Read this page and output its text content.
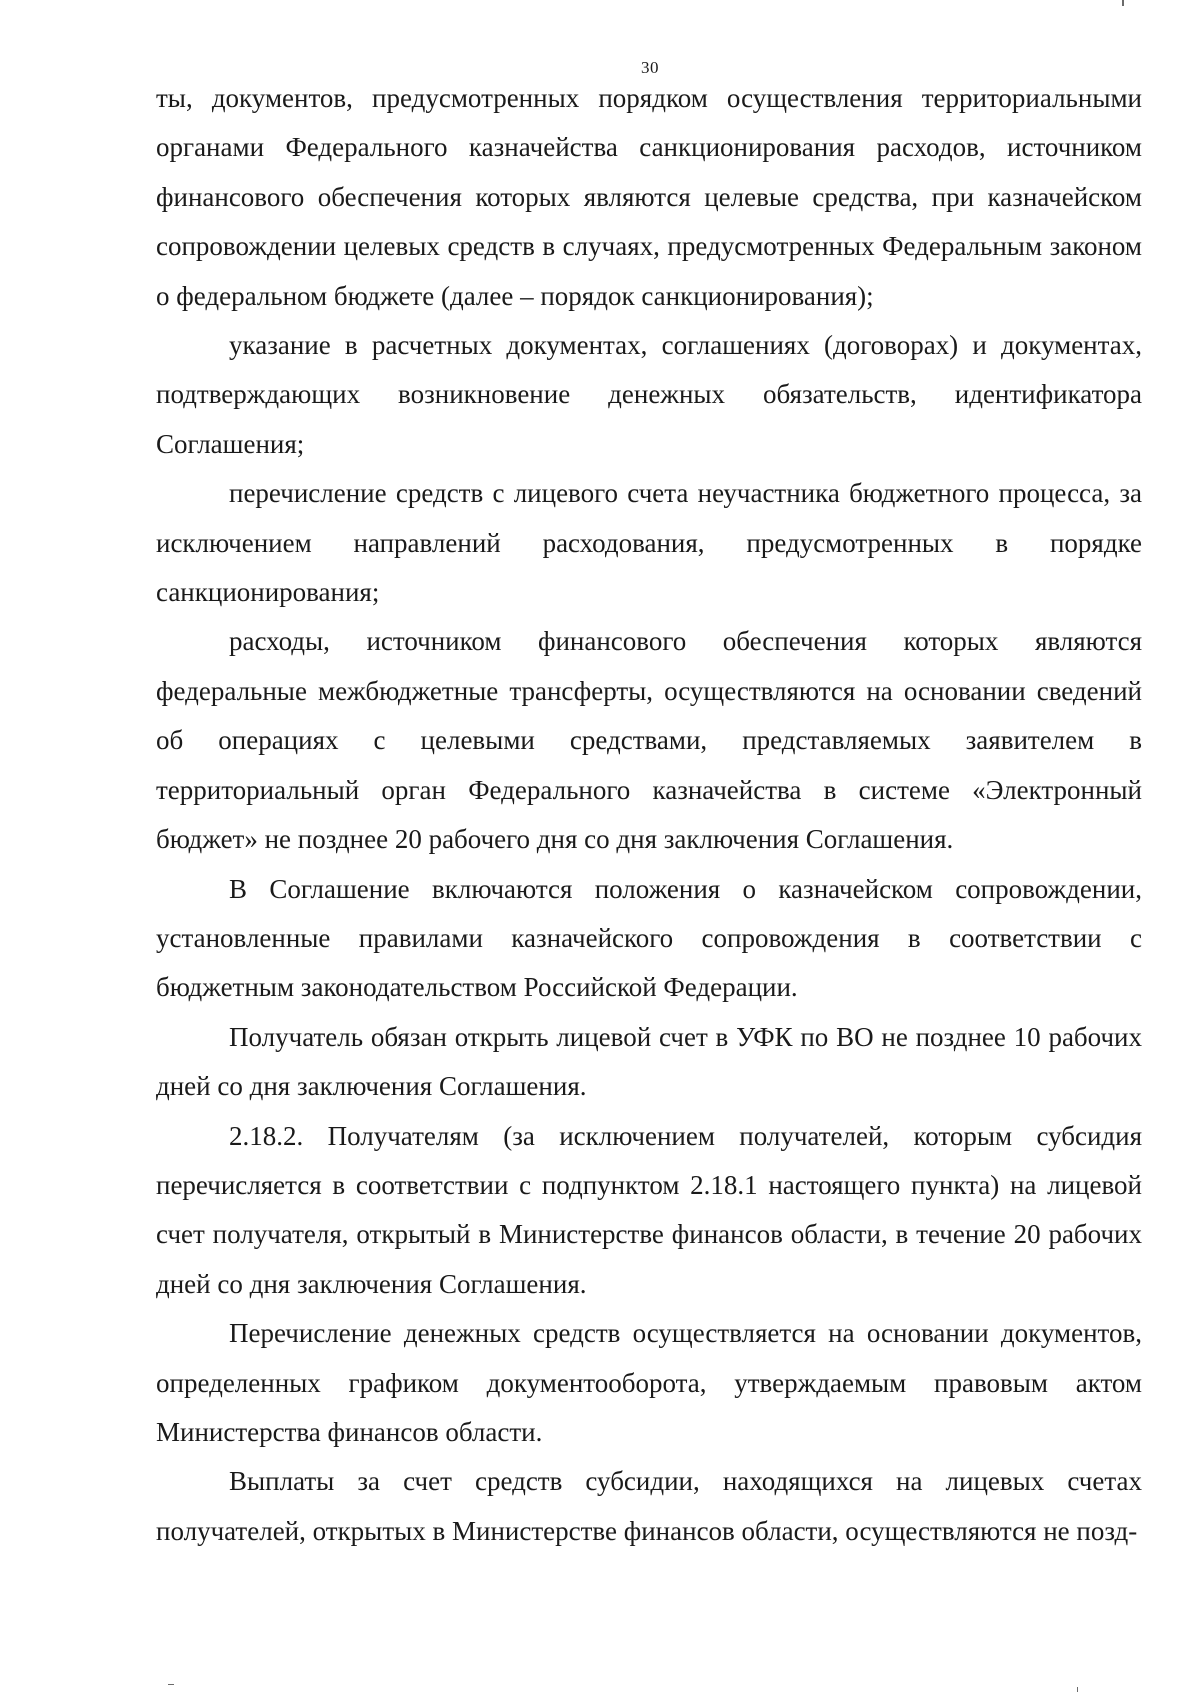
30

ты, документов, предусмотренных порядком осуществления территориальными органами Федерального казначейства санкционирования расходов, источником финансового обеспечения которых являются целевые средства, при казначейском сопровождении целевых средств в случаях, предусмотренных Федеральным законом о федеральном бюджете (далее – порядок санкционирования);

указание в расчетных документах, соглашениях (договорах) и документах, подтверждающих возникновение денежных обязательств, идентификатора Соглашения;

перечисление средств с лицевого счета неучастника бюджетного процесса, за исключением направлений расходования, предусмотренных в порядке санкционирования;

расходы, источником финансового обеспечения которых являются федеральные межбюджетные трансферты, осуществляются на основании сведений об операциях с целевыми средствами, представляемых заявителем в территориальный орган Федерального казначейства в системе «Электронный бюджет» не позднее 20 рабочего дня со дня заключения Соглашения.

В Соглашение включаются положения о казначейском сопровождении, установленные правилами казначейского сопровождения в соответствии с бюджетным законодательством Российской Федерации.

Получатель обязан открыть лицевой счет в УФК по ВО не позднее 10 рабочих дней со дня заключения Соглашения.

2.18.2. Получателям (за исключением получателей, которым субсидия перечисляется в соответствии с подпунктом 2.18.1 настоящего пункта) на лицевой счет получателя, открытый в Министерстве финансов области, в течение 20 рабочих дней со дня заключения Соглашения.

Перечисление денежных средств осуществляется на основании документов, определенных графиком документооборота, утверждаемым правовым актом Министерства финансов области.

Выплаты за счет средств субсидии, находящихся на лицевых счетах получателей, открытых в Министерстве финансов области, осуществляются не позд-
